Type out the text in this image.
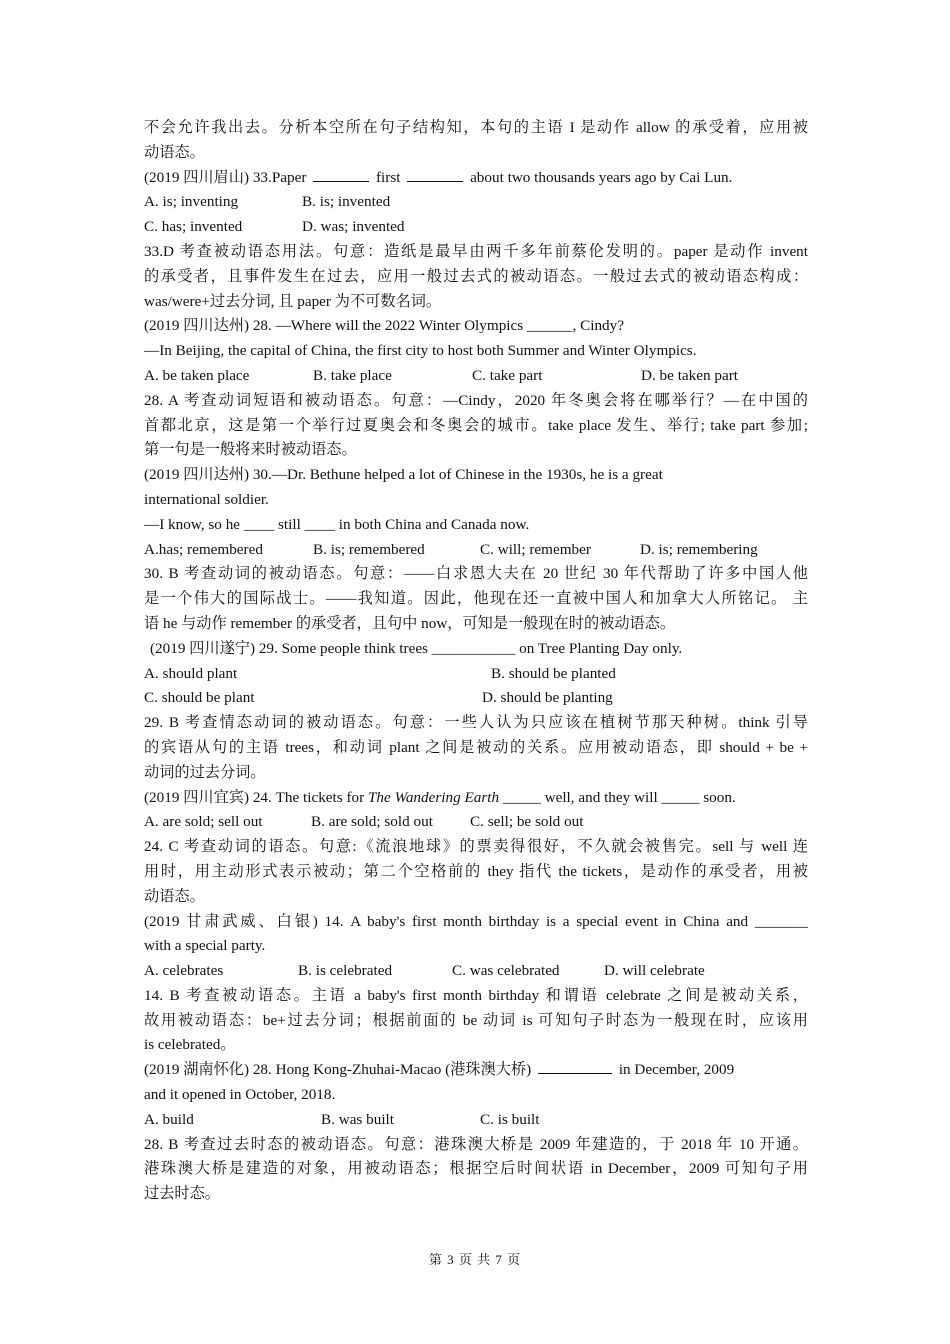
不会允许我出去。分析本空所在句子结构知，本句的主语 I 是动作 allow 的承受着，应用被
动语态。
(2019 四川眉山) 33.Paper	first	about two thousands years ago by Cai Lun.
A. is; inventing	B. is; invented
C. has; invented	D. was; invented
33.D 考查被动语态用法。句意：造纸是最早由两千多年前蔡伦发明的。paper 是动作 invent
的承受者，且事件发生在过去，应用一般过去式的被动语态。一般过去式的被动语态构成：
was/were+过去分词, 且 paper 为不可数名词。
(2019 四川达州) 28. —Where will the 2022 Winter Olympics ______, Cindy?
—In Beijing, the capital of China, the first city to host both Summer and Winter Olympics.
A. be taken place	B. take place	C. take part	D. be taken part
28. A 考查动词短语和被动语态。句意：—Cindy，2020 年冬奥会将在哪举行？—在中国的
首都北京，这是第一个举行过夏奥会和冬奥会的城市。take place 发生、举行; take part 参加;
第一句是一般将来时被动语态。
(2019 四川达州) 30.—Dr. Bethune helped a lot of Chinese in the 1930s, he is a great
international soldier.
—I know, so he ____ still ____ in both China and Canada now.
A.has; remembered	B. is; remembered	C. will; remember	D. is; remembering
30. B 考查动词的被动语态。句意：——白求恩大夫在 20 世纪 30 年代帮助了许多中国人他
是一个伟大的国际战士。——我知道。因此，他现在还一直被中国人和加拿大人所铭记。 主
语 he 与动作 remember 的承受者，且句中 now，可知是一般现在时的被动语态。
(2019 四川遂宁) 29. Some people think trees ___________ on Tree Planting Day only.
A. should plant	B. should be planted
C. should be plant	D. should be planting
29. B 考查情态动词的被动语态。句意：一些人认为只应该在植树节那天种树。think 引导
的宾语从句的主语 trees，和动词 plant 之间是被动的关系。应用被动语态，即 should + be +
动词的过去分词。
(2019 四川宜宾) 24. The tickets for The Wandering Earth _____ well, and they will _____ soon.
A. are sold; sell out	B. are sold; sold out	C. sell; be sold out
24. C 考查动词的语态。句意:《流浪地球》的票卖得很好，不久就会被售完。sell 与 well 连
用时，用主动形式表示被动；第二个空格前的 they 指代 the tickets，是动作的承受者，用被
动语态。
(2019 甘肃武威、白银) 14. A baby's first month birthday is a special event in China and _______
with a special party.
A. celebrates	B. is celebrated	C. was celebrated	D. will celebrate
14. B 考查被动语态。主语 a baby's first month birthday 和谓语 celebrate 之间是被动关系，
故用被动语态：be+过去分词；根据前面的 be 动词 is 可知句子时态为一般现在时，应该用
is celebrated。
(2019 湖南怀化) 28. Hong Kong-Zhuhai-Macao (港珠澳大桥)	in December, 2009
and it opened in October, 2018.
A. build	B. was built	C. is built
28. B 考查过去时态的被动语态。句意：港珠澳大桥是 2009 年建造的，于 2018 年 10 开通。
港珠澳大桥是建造的对象，用被动语态；根据空后时间状语 in December，2009 可知句子用
过去时态。
第 3 页 共 7 页
